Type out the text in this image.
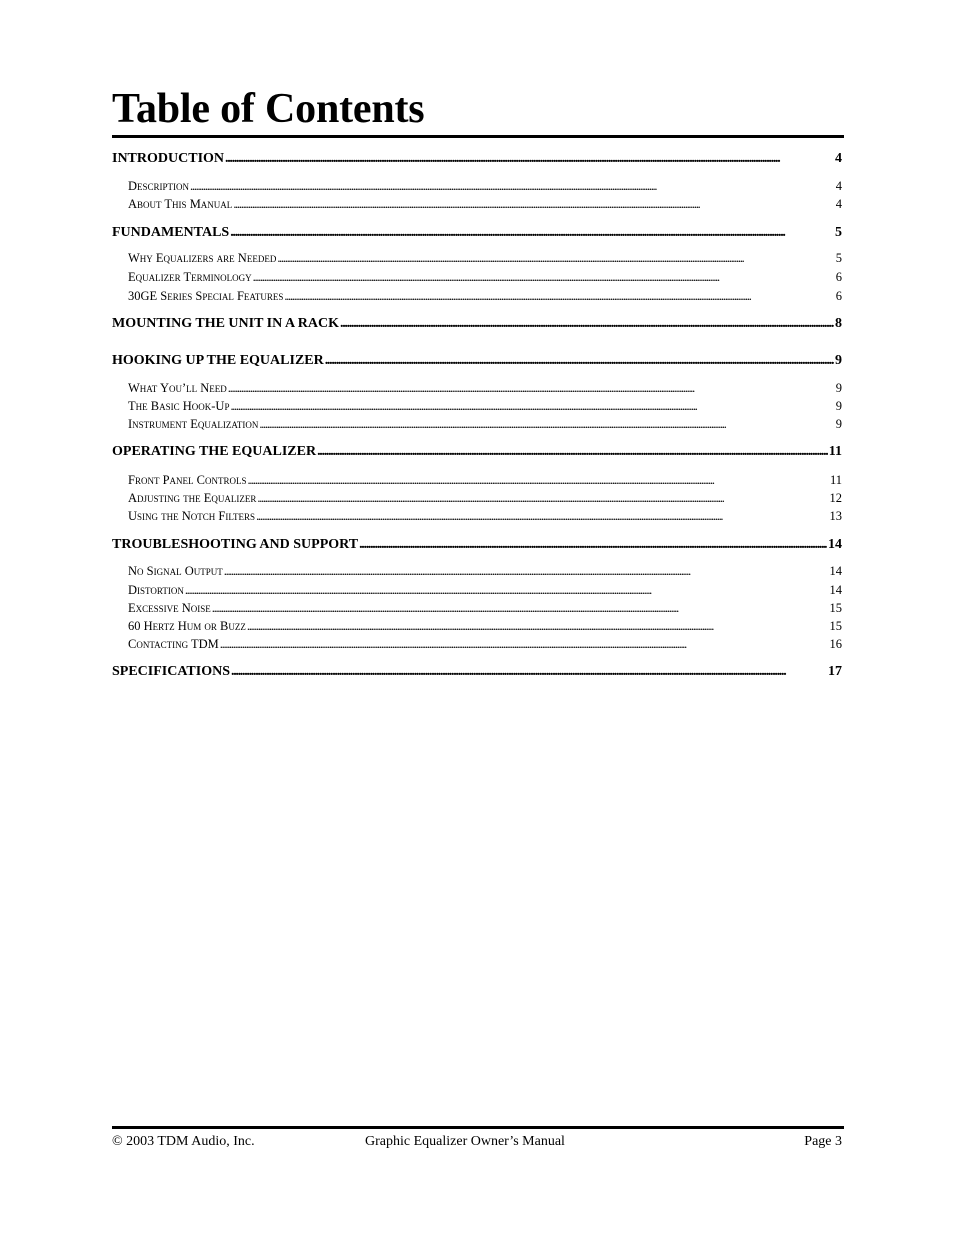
Table of Contents
INTRODUCTION . . .	4
Description . . .	4
About This Manual . . .	4
FUNDAMENTALS . . .	5
Why Equalizers are Needed . . .	5
Equalizer Terminology . . .	6
30GE Series Special Features . . .	6
MOUNTING THE UNIT IN A RACK . . .	8
HOOKING UP THE EQUALIZER . . .	9
What You’ll Need . . .	9
The Basic Hook-Up . . .	9
Instrument Equalization . . .	9
OPERATING THE EQUALIZER . . .	11
Front Panel Controls . . .	11
Adjusting the Equalizer . . .	12
Using the Notch Filters . . .	13
TROUBLESHOOTING AND SUPPORT . . .	14
No Signal Output . . .	14
Distortion . . .	14
Excessive Noise . . .	15
60 Hertz Hum or Buzz . . .	15
Contacting TDM . . .	16
SPECIFICATIONS . . .	17
© 2003 TDM Audio, Inc.	Graphic Equalizer Owner’s Manual	Page 3
